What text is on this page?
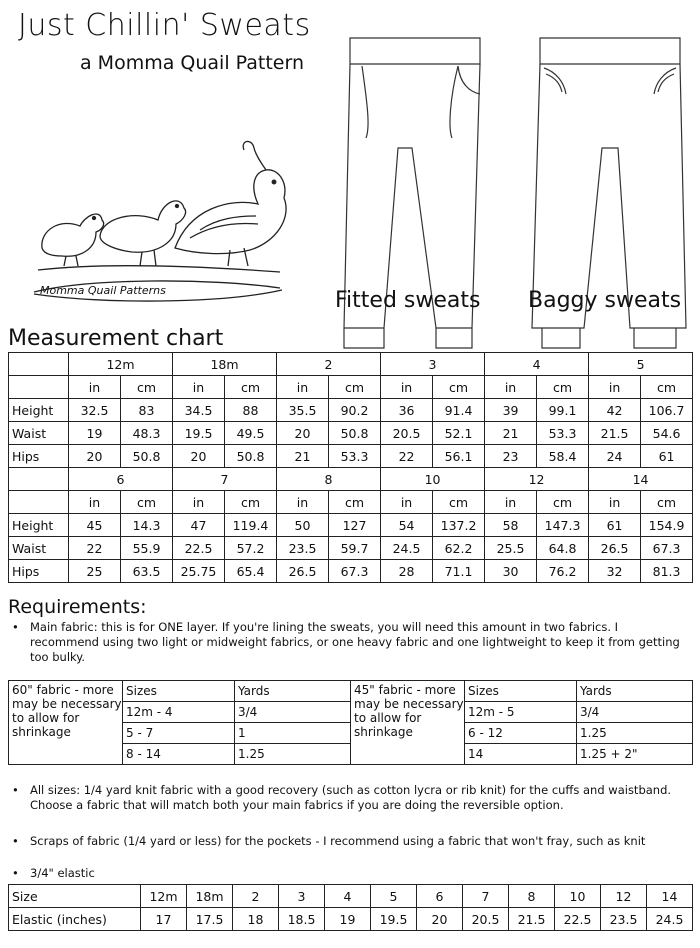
Just Chillin' Sweats
a Momma Quail Pattern
Momma Quail Patterns	Fitted sweats Baggy sweats
Measurement chart
	12m		18m		2		3		4		5	
	in	cm	in	cm	in	cm	in	cm	in	cm	in	cm
Height	32.5	83	34.5	88	35.5	90.2	36	91.4	39	99.1	42	106.7
Waist	19	48.3	19.5	49.5	20	50.8	20.5	52.1	21	53.3	21.5	54.6
Hips	20	50.8	20	50.8	21	53.3	22	56.1	23	58.4	24	61
	6		7		8		10		12		14	
	in	cm	in	cm	in	cm	in	cm	in	cm	in	cm
Height	45	14.3	47	119.4	50	127	54	137.2	58	147.3	61	154.9
Waist	22	55.9	22.5	57.2	23.5	59.7	24.5	62.2	25.5	64.8	26.5	67.3
Hips	25	63.5	25.75	65.4	26.5	67.3	28	71.1	30	76.2	32	81.3
Requirements:
• Main fabric: this is for ONE layer. If you're lining the sweats, you will need this amount in two fabrics. I recommend using two light or midweight fabrics, or one heavy fabric and one lightweight to keep it from getting too bulky.
60" fabric - more may be necessary to allow for shrinkage	Sizes	Yards	45" fabric - more may be necessary to allow for shrinkage	Sizes	Yards
	12m - 4	3/4		12m - 5	3/4
	5 - 7	1		6 - 12	1.25
	8 - 14	1.25		14	1.25 + 2"
• All sizes: 1/4 yard knit fabric with a good recovery (such as cotton lycra or rib knit) for the cuffs and waistband. Choose a fabric that will match both your main fabrics if you are doing the reversible option.
• Scraps of fabric (1/4 yard or less) for the pockets - I recommend using a fabric that won't fray, such as knit
• 3/4" elastic
Size	12m	18m	2	3	4	5	6	7	8	10	12	14
Elastic (inches)	17	17.5	18	18.5	19	19.5	20	20.5	21.5	22.5	23.5	24.5
